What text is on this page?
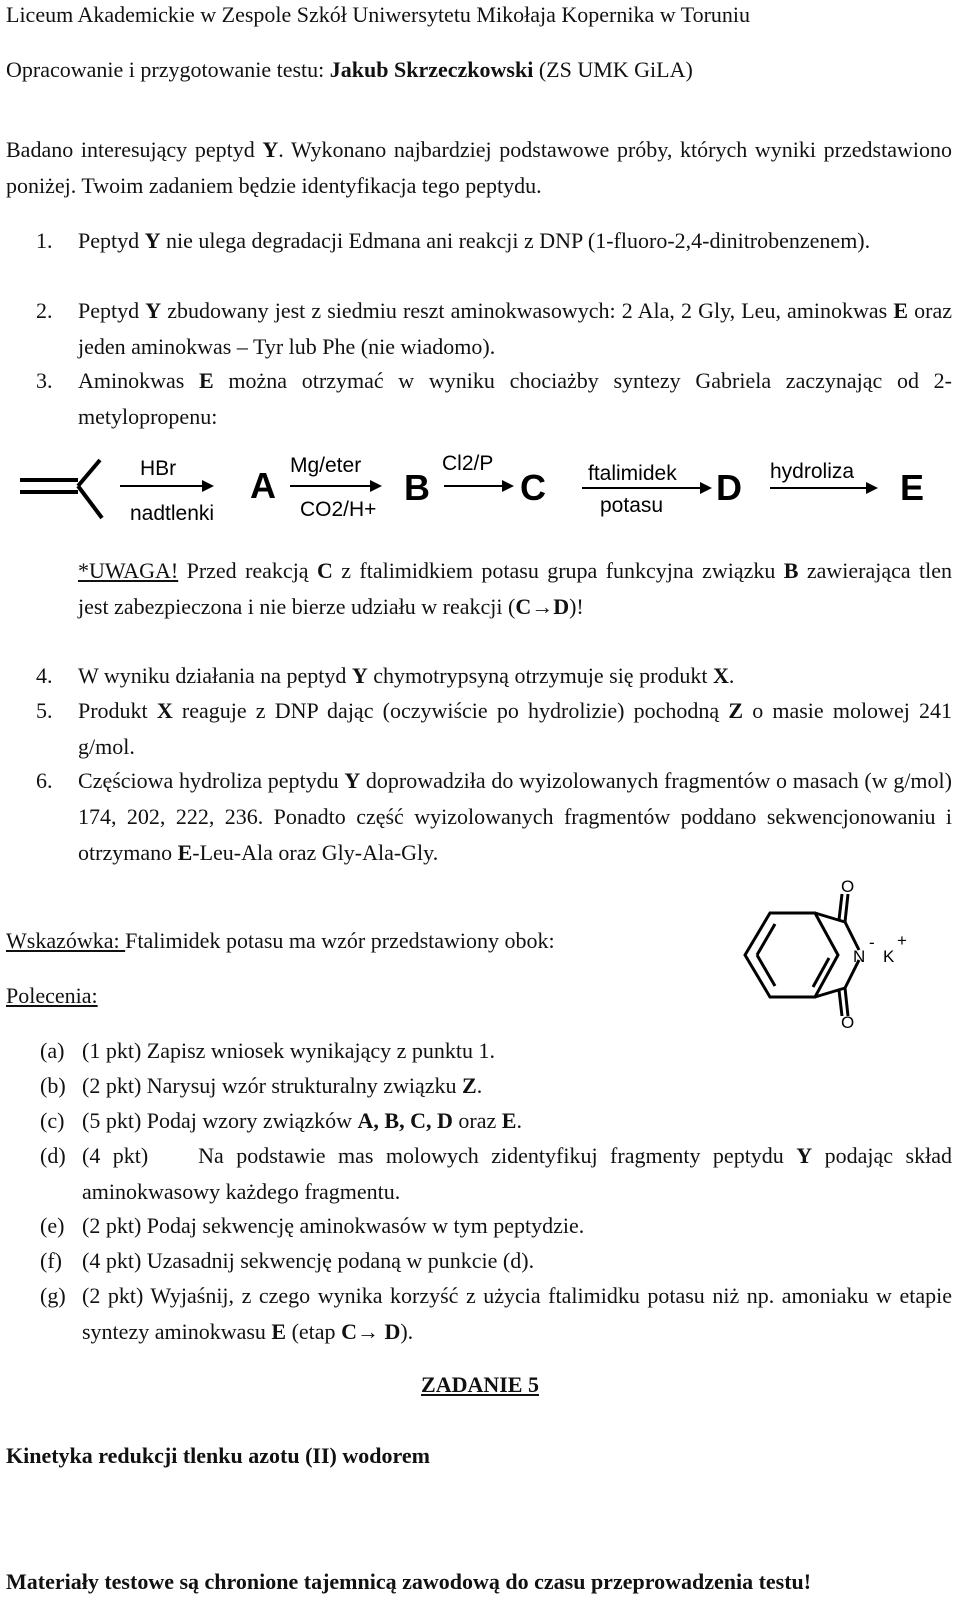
Liceum Akademickie w Zespole Szkół Uniwersytetu Mikołaja Kopernika w Toruniu
Opracowanie i przygotowanie testu: Jakub Skrzeczkowski (ZS UMK GiLA)
Badano interesujący peptyd Y. Wykonano najbardziej podstawowe próby, których wyniki przedstawiono poniżej. Twoim zadaniem będzie identyfikacja tego peptydu.
1. Peptyd Y nie ulega degradacji Edmana ani reakcji z DNP (1-fluoro-2,4-dinitrobenzenem).
2. Peptyd Y zbudowany jest z siedmiu reszt aminokwasowych: 2 Ala, 2 Gly, Leu, aminokwas E oraz jeden aminokwas – Tyr lub Phe (nie wiadomo).
3. Aminokwas E można otrzymać w wyniku chociażby syntezy Gabriela zaczynając od 2-metylopropenu:
HBr
nadtlenki
A Mg/eter
CO2/H+
B
Cl2/P
C ftalimidek
potasu D hydroliza E
*UWAGA! Przed reakcją C z ftalimidkiem potasu grupa funkcyjna związku B zawierająca tlen jest zabezpieczona i nie bierze udziału w reakcji (C→D)!
4. W wyniku działania na peptyd Y chymotrypsyną otrzymuje się produkt X.
5. Produkt X reaguje z DNP dając (oczywiście po hydrolizie) pochodną Z o masie molowej 241 g/mol.
6. Częściowa hydroliza peptydu Y doprowadziła do wyizolowanych fragmentów o masach (w g/mol) 174, 202, 222, 236. Ponadto część wyizolowanych fragmentów poddano sekwencjonowaniu i otrzymano E-Leu-Ala oraz Gly-Ala-Gly.
Wskazówka: Ftalimidek potasu ma wzór przedstawiony obok:
O
N
-
K
+
O
Polecenia:
(a) (1 pkt) Zapisz wniosek wynikający z punktu 1.
(b) (2 pkt) Narysuj wzór strukturalny związku Z.
(c) (5 pkt) Podaj wzory związków A, B, C, D oraz E.
(d) (4 pkt)    Na podstawie mas molowych zidentyfikuj fragmenty peptydu Y podając skład aminokwasowy każdego fragmentu.
(e) (2 pkt) Podaj sekwencję aminokwasów w tym peptydzie.
(f) (4 pkt) Uzasadnij sekwencję podaną w punkcie (d).
(g) (2 pkt) Wyjaśnij, z czego wynika korzyść z użycia ftalimidku potasu niż np. amoniaku w etapie syntezy aminokwasu E (etap C→ D).
ZADANIE 5
Kinetyka redukcji tlenku azotu (II) wodorem
Materiały testowe są chronione tajemnicą zawodową do czasu przeprowadzenia testu!
